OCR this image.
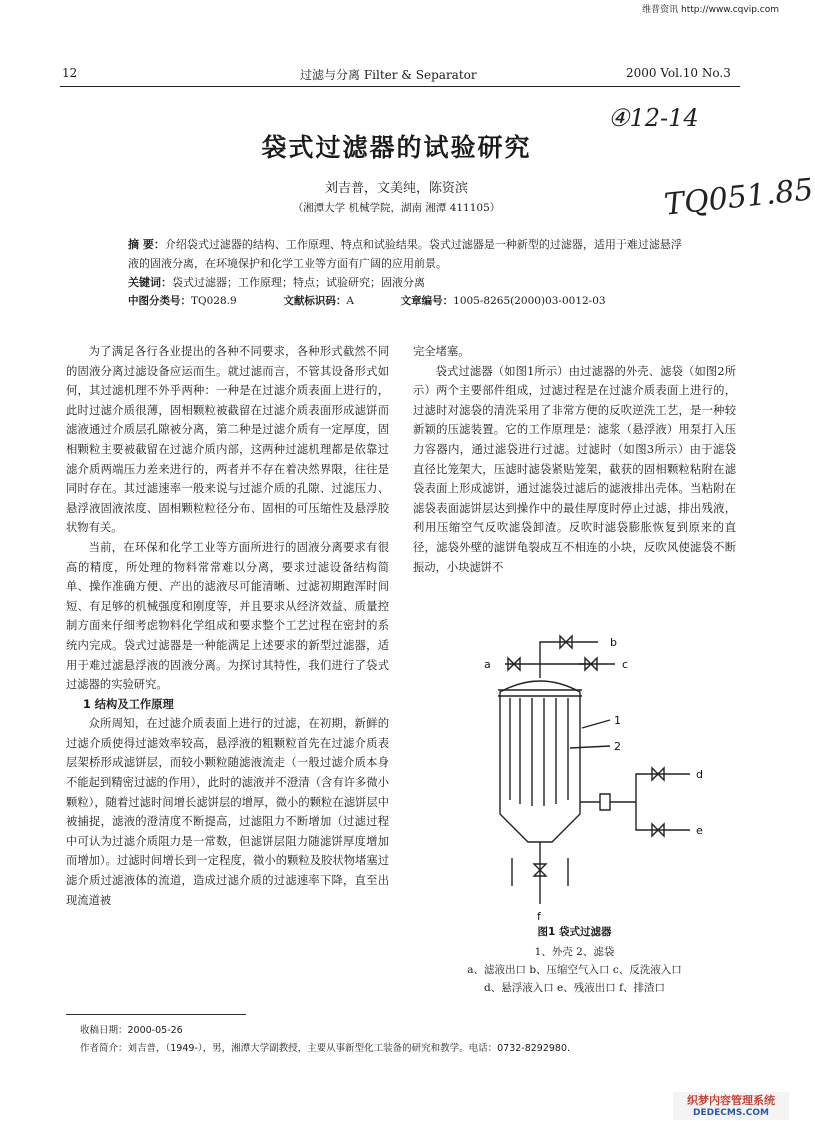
维普资讯 http://www.cqvip.com
12	过滤与分离 Filter & Separator	2000 Vol.10 No.3
④12-14
TQ051.85
袋式过滤器的试验研究
刘吉普，文美纯，陈资滨
（湘潭大学 机械学院，湖南 湘潭 411105）
摘 要：介绍袋式过滤器的结构、工作原理、特点和试验结果。袋式过滤器是一种新型的过滤器，适用于难过滤悬浮液的固液分离，在环境保护和化学工业等方面有广阔的应用前景。
关键词：袋式过滤器；工作原理；特点；试验研究；固液分离
中图分类号：TQ028.9	文献标识码：A	文章编号：1005-8265(2000)03-0012-03

为了满足各行各业提出的各种不同要求，各种形式截然不同的固液分离过滤设备应运而生。就过滤而言，不管其设备形式如何，其过滤机理不外乎两种：一种是在过滤介质表面上进行的，此时过滤介质很薄，固相颗粒被截留在过滤介质表面形成滤饼而滤液通过介质层孔隙被分离，第二种是过滤介质有一定厚度，固相颗粒主要被截留在过滤介质内部，这两种过滤机理都是依靠过滤介质两端压力差来进行的，两者并不存在着决然界限，往往是同时存在。其过滤速率一般来说与过滤介质的孔隙、过滤压力、悬浮液固液浓度、固相颗粒粒径分布、固相的可压缩性及悬浮胶状物有关。

当前，在环保和化学工业等方面所进行的固液分离要求有很高的精度，所处理的物料常常难以分离，要求过滤设备结构简单、操作准确方便、产出的滤液尽可能清晰、过滤初期跑浑时间短、有足够的机械强度和刚度等，并且要求从经济效益、质量控制方面来仔细考虑物料化学组成和要求整个工艺过程在密封的系统内完成。袋式过滤器是一种能满足上述要求的新型过滤器，适用于难过滤悬浮液的固液分离。为探讨其特性，我们进行了袋式过滤器的实验研究。

1 结构及工作原理

众所周知，在过滤介质表面上进行的过滤，在初期，新鲜的过滤介质使得过滤效率较高，悬浮液的粗颗粒首先在过滤介质表层架桥形成滤饼层，而较小颗粒随滤液流走（一般过滤介质本身不能起到精密过滤的作用），此时的滤液并不澄清（含有许多微小颗粒），随着过滤时间增长滤饼层的增厚，微小的颗粒在滤饼层中被捕捉，滤液的澄清度不断提高，过滤阻力不断增加（过滤过程中可认为过滤介质阻力是一常数，但滤饼层阻力随滤饼厚度增加而增加）。过滤时间增长到一定程度，微小的颗粒及胶状物堵塞过滤介质过滤液体的流道，造成过滤介质的过滤速率下降，直至出现流道被

完全堵塞。

袋式过滤器（如图1所示）由过滤器的外壳、滤袋（如图2所示）两个主要部件组成，过滤过程是在过滤介质表面上进行的，过滤时对滤袋的清洗采用了非常方便的反吹逆洗工艺，是一种较新颖的压滤装置。它的工作原理是：滤浆（悬浮液）用泵打入压力容器内，通过滤袋进行过滤。过滤时（如图3所示）由于滤袋直径比笼架大，压滤时滤袋紧贴笼架，截获的固相颗粒粘附在滤袋表面上形成滤饼，通过滤袋过滤后的滤液排出壳体。当粘附在滤袋表面滤饼层达到操作中的最佳厚度时停止过滤，排出残液，利用压缩空气反吹滤袋卸渣。反吹时滤袋膨胀恢复到原来的直径，滤袋外壁的滤饼龟裂成互不相连的小块，反吹风使滤袋不断振动，小块滤饼不

a
b
c
1
2
d
e
f
图1 袋式过滤器
1、外壳 2、滤袋
a、滤液出口 b、压缩空气入口 c、反洗液入口
d、悬浮液入口 e、残液出口 f、排渣口
收稿日期：2000-05-26
作者简介：刘吉普，（1949-），男，湘潭大学副教授，主要从事新型化工装备的研究和教学。电话：0732-8292980.
织梦内容管理系统
DEDECMS.COM
